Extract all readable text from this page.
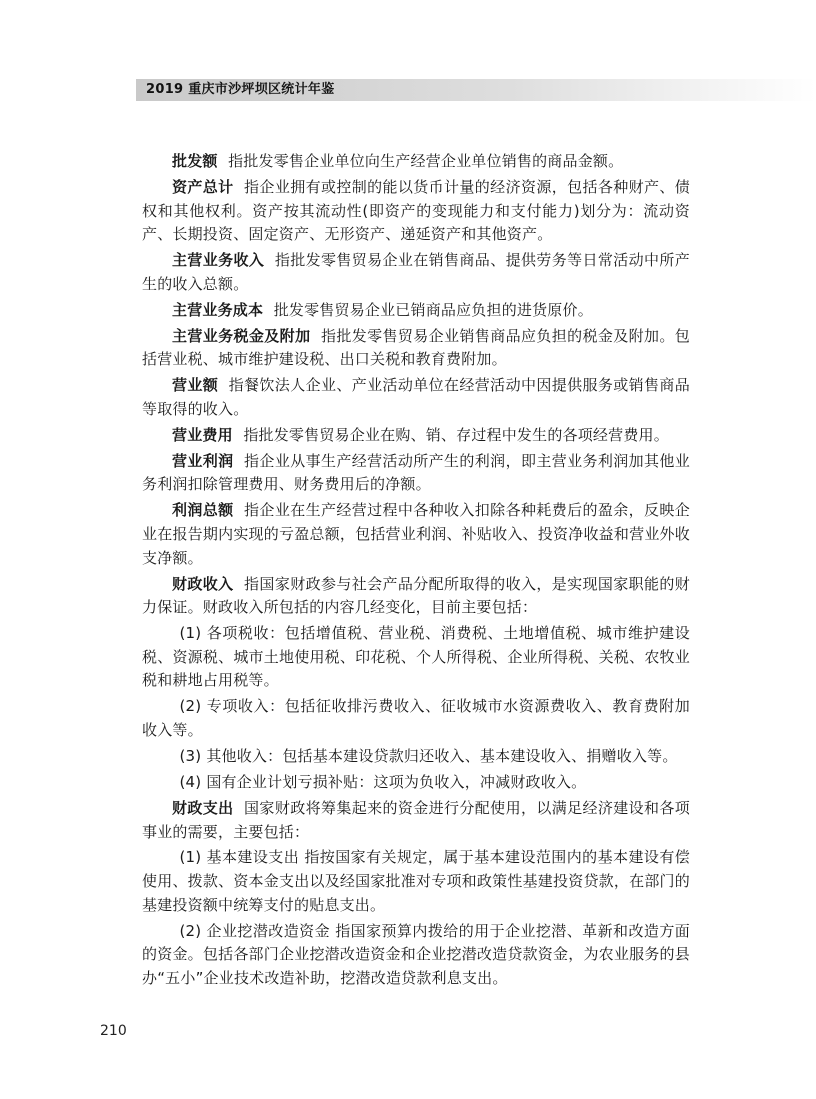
2019 重庆市沙坪坝区统计年鉴

批发额 指批发零售企业单位向生产经营企业单位销售的商品金额。

资产总计 指企业拥有或控制的能以货币计量的经济资源，包括各种财产、债权和其他权利。资产按其流动性(即资产的变现能力和支付能力)划分为：流动资产、长期投资、固定资产、无形资产、递延资产和其他资产。

主营业务收入 指批发零售贸易企业在销售商品、提供劳务等日常活动中所产生的收入总额。

主营业务成本 批发零售贸易企业已销商品应负担的进货原价。

主营业务税金及附加 指批发零售贸易企业销售商品应负担的税金及附加。包括营业税、城市维护建设税、出口关税和教育费附加。

营业额 指餐饮法人企业、产业活动单位在经营活动中因提供服务或销售商品等取得的收入。

营业费用 指批发零售贸易企业在购、销、存过程中发生的各项经营费用。

营业利润 指企业从事生产经营活动所产生的利润，即主营业务利润加其他业务利润扣除管理费用、财务费用后的净额。

利润总额 指企业在生产经营过程中各种收入扣除各种耗费后的盈余，反映企业在报告期内实现的亏盈总额，包括营业利润、补贴收入、投资净收益和营业外收支净额。

财政收入 指国家财政参与社会产品分配所取得的收入，是实现国家职能的财力保证。财政收入所包括的内容几经变化，目前主要包括：

(1) 各项税收：包括增值税、营业税、消费税、土地增值税、城市维护建设税、资源税、城市土地使用税、印花税、个人所得税、企业所得税、关税、农牧业税和耕地占用税等。

(2) 专项收入：包括征收排污费收入、征收城市水资源费收入、教育费附加收入等。

(3) 其他收入：包括基本建设贷款归还收入、基本建设收入、捐赠收入等。

(4) 国有企业计划亏损补贴：这项为负收入，冲减财政收入。

财政支出 国家财政将筹集起来的资金进行分配使用，以满足经济建设和各项事业的需要，主要包括：

(1) 基本建设支出 指按国家有关规定，属于基本建设范围内的基本建设有偿使用、拨款、资本金支出以及经国家批准对专项和政策性基建投资贷款，在部门的基建投资额中统筹支付的贴息支出。

(2) 企业挖潜改造资金 指国家预算内拨给的用于企业挖潜、革新和改造方面的资金。包括各部门企业挖潜改造资金和企业挖潜改造贷款资金，为农业服务的县办“五小”企业技术改造补助，挖潜改造贷款利息支出。

210
